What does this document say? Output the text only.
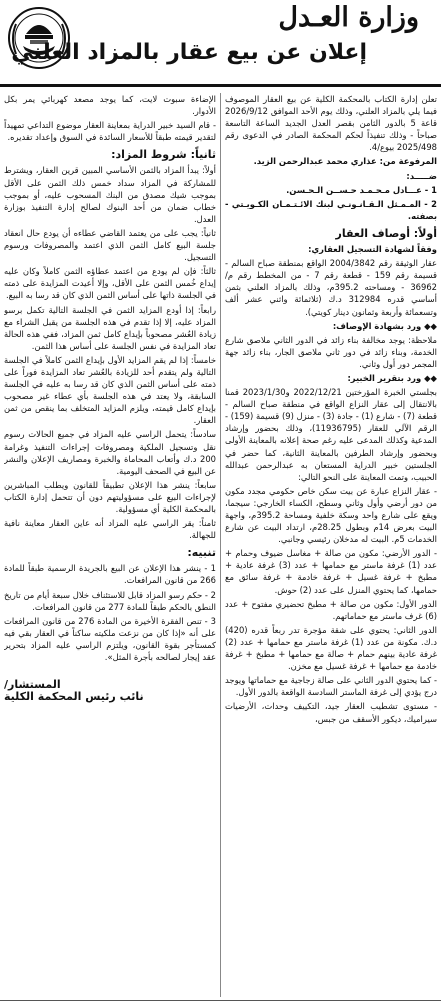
وزارة العـدل
إعلان عن بيع عقار بالمزاد العلني

تعلن إدارة الكتاب بالمحكمة الكلية عن بيع العقار الموصوف فيما يلي بالمزاد العلني، وذلك يوم الأحد الموافق 2026/9/12 قاعة 5 بالدور الثامن بقصر العدل الجديد الساعة التاسعة صباحاً - وذلك تنفيذاً لحكم المحكمة الصادر في الدعوى رقم 2025/498 بيوع/4.

المرفوعة من: عذاري محمد عبدالرحمن الزيد.

ضـــــد:

1 - عـــادل مـحـمـد حـســن الـحـسن.

2 - المـمـثل الـقـانـونـي لبنك الائـتـمـان الكـويـتي - بصفته.

أولاً: أوصاف العقار
وفقاً لشهادة التسجيل العقاري:

عقار الوثيقة رقم 2004/3842 الواقع بمنطقة صباح السالم - قسيمة رقم 159 - قطعة رقم 7 - من المخطط رقم م/ 36962 - ومساحته 395.2م، وذلك بالمزاد العلني بثمن أساسي قدره 312984 د.ك (ثلاثمائة واثني عشر ألف وتسعمائة وأربعة وثمانون دينار كويتي).

◆◆ ورد بشهادة الإوصاف:

ملاحظة: يوجد مخالفة بناء زائد في الدور الثاني ملاصق شارع الخدمة، وبناء زائد في دور ثاني ملاصق الجار، بناء زائد جهة المجمر دور أول وثاني.

◆◆ ورد بتقرير الخبير:

بجلستي الخبرة المؤرختين 2022/12/21 و2023/1/30 قمنا بالانتقال إلى عقار النزاع الواقع في منطقة صباح السالم - قطعة (7) - شارع (1) - جادة (3) - منزل (9) قسيمة (159) - الرقم الآلي للعقار (11936795)، وذلك بحضور وإرشاد المدعية وكذلك المدعى عليه رغم صحة إعلانه بالمعاينة الأولى وبحضور وإرشاد الطرفين بالمعاينة الثانية، كما حضر في الجلستين خبير الدراية المستعان به عبدالرحمن عبدالله الحبيب، وتمت المعاينة على النحو التالي:

- عقار النزاع عبارة عن بيت سكن خاص حكومي مجدد مكون من دور أرضي وأول وثاني وسطح، الكساء الخارجي: سيجما، ويقع على شارع واحد وسكة خلفية ومساحة 395.2م، واجهة البيت بعرض 14م وبطول 28.25م، ارتداد البيت عن شارع الخدمات 5م. البيت له مدخلان رئيسي وجانبي.

- الدور الأرضي: مكون من صالة + مغاسل ضيوف وحمام + عدد (1) غرفة ماستر مع حمامها + عدد (3) غرفة عادية + مطبخ + غرفة غسيل + غرفة خادمة + غرفة سائق مع حمامها، كما يحتوي المنزل على عدد (2) حوش.

الدور الأول: مكون من صالة + مطبخ تحضيري مفتوح + عدد (6) غرف ماستر مع حماماتهم.

الدور الثاني: يحتوي على شقة مؤجرة تدر ربعاً قدره (420) د.ك. مكونة من عدد (1) غرفة ماستر مع حمامها + عدد (2) غرفة عادية بينهم حمام + صالة مع حمامها + مطبخ + غرفة خادمة مع حمامها + غرفة غسيل مع مخزن.

- كما يحتوي الدور الثاني على صالة زجاجية مع حماماتها ويوجد درج يؤدي إلى غرفة الماستر السادسة الواقعة بالدور الأول.

- مستوى تشطيب العقار جيد، التكييف وحدات، الأرضيات سيراميك، ديكور الأسقف من جبس،

الإضاءة سبوت لايت، كما يوجد مصعد كهربائي يمر بكل الأدوار.

- قام السيد خبير الدراية بمعاينة العقار موضوع التداعي تمهيداً لتقدير قيمته طبقاً للأسعار السائدة في السوق وإعداد تقديره.

ثانياً: شروط المزاد:

أولاً: يبدأ المزاد بالثمن الأساسي المبين قرين العقار، ويشترط للمشاركة في المزاد سداد خمس ذلك الثمن على الأقل بموجب شيك مصدق من البنك المسحوب عليه، أو بموجب خطاب ضمان من أحد البنوك لصالح إدارة التنفيذ بوزارة العدل.

ثانياً: يجب على من يعتمد القاضي عطاءه أن يودع حال انعقاد جلسة البيع كامل الثمن الذي اعتمد والمصروفات ورسوم التسجيل.

ثالثاً: فإن لم يودع من اعتمد عطاؤه الثمن كاملاً وكان عليه إيداع خُمس الثمن على الأقل، وإلا أعيدت المزايدة على ذمته في الجلسة ذاتها على أساس الثمن الذي كان قد رسا به البيع.

رابعاً: إذا أودع المزايد الثمن في الجلسة التالية تكمل برسو المزاد عليه، إلا إذا تقدم في هذه الجلسة من يقبل الشراء مع زيادة العُشر مصحوباً بإيداع كامل ثمن المزاد، ففي هذه الحالة تعاد المزايدة في نفس الجلسة على أساس هذا الثمن.

خامساً: إذا لم يقم المزايد الأول بإيداع الثمن كاملاً في الجلسة التالية ولم يتقدم أحد للزيادة بالعُشر تعاد المزايدة فوراً على ذمته على أساس الثمن الذي كان قد رسا به عليه في الجلسة السابقة، ولا يعتد في هذه الجلسة بأي عطاء غير مصحوب بإيداع كامل قيمته، ويلزم المزايد المتخلف بما ينقص من ثمن العقار.

سادساً: يتحمل الراسي عليه المزاد في جميع الحالات رسوم نقل وتسجيل الملكية ومصروفات إجراءات التنفيذ وغرامة 200 د.ك وأتعاب المحاماة والخبرة ومصاريف الإعلان والنشر عن البيع في الصحف اليومية.

سابعاً: ينشر هذا الإعلان تطبيقاً للقانون ويطلب المباشرين لإجراءات البيع على مسؤوليتهم دون أن تتحمل إدارة الكتاب بالمحكمة الكلية أي مسؤولية.

ثامناً: يقر الراسي عليه المزاد أنه عاين العقار معاينة نافية للجهالة.

تنبيه:

1 - ينشر هذا الإعلان عن البيع بالجريدة الرسمية طبقاً للمادة 266 من قانون المرافعات.

2 - حكم رسو المزاد قابل للاستئناف خلال سبعة أيام من تاريخ النطق بالحكم طبقاً للمادة 277 من قانون المرافعات.

3 - تنص الفقرة الأخيرة من المادة 276 من قانون المرافعات على أنه «إذا كان من نزعت ملكيته ساكناً في العقار بقي فيه كمستأجر بقوة القانون، ويلتزم الراسي عليه المزاد بتحرير عقد إيجار لصالحه بأجرة المثل».

المستشار/
نائب رئيس المحكمة الكلية
